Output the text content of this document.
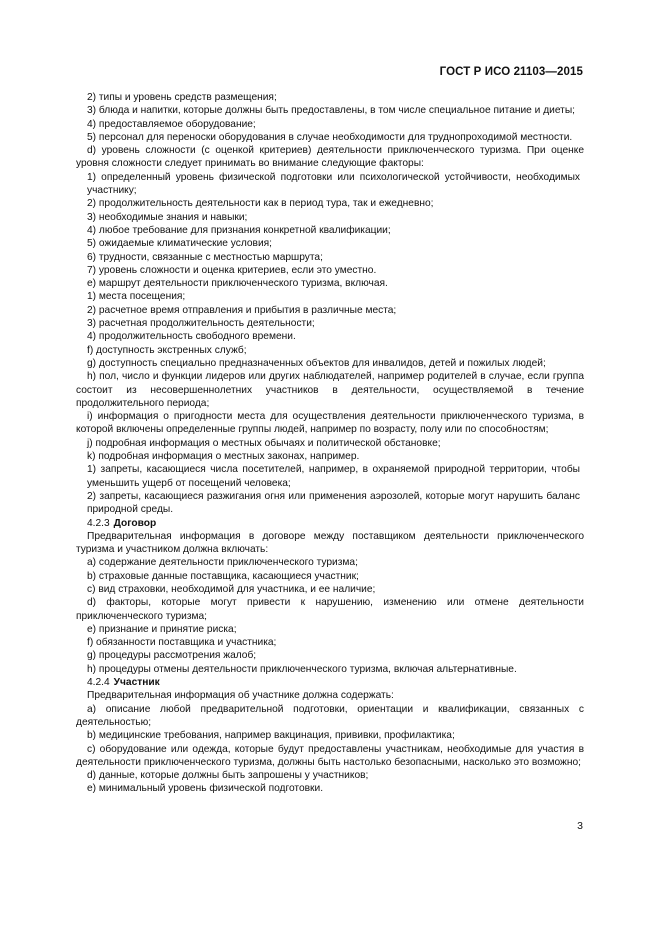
ГОСТ Р ИСО 21103—2015

2) типы и уровень средств размещения;

3) блюда и напитки, которые должны быть предоставлены, в том числе специальное питание и диеты;

4) предоставляемое оборудование;

5) персонал для переноски оборудования в случае необходимости для труднопроходимой местности.

d) уровень сложности (с оценкой критериев) деятельности приключенческого туризма. При оценке уровня сложности следует принимать во внимание следующие факторы:

1) определенный уровень физической подготовки или психологической устойчивости, необходимых участнику;

2) продолжительность деятельности как в период тура, так и ежедневно;

3) необходимые знания и навыки;

4) любое требование для признания конкретной квалификации;

5) ожидаемые климатические условия;

6) трудности, связанные с местностью маршрута;

7) уровень сложности и оценка критериев, если это уместно.

е) маршрут деятельности приключенческого туризма, включая.

1) места посещения;

2) расчетное время отправления и прибытия в различные места;

3) расчетная продолжительность деятельности;

4) продолжительность свободного времени.

f) доступность экстренных служб;

g) доступность специально предназначенных объектов для инвалидов, детей и пожилых людей;

h) пол, число и функции лидеров или других наблюдателей, например родителей в случае, если группа состоит из несовершеннолетних участников в деятельности, осуществляемой в течение продолжительного периода;

i) информация о пригодности места для осуществления деятельности приключенческого туризма, в которой включены определенные группы людей, например по возрасту, полу или по способностям;

j) подробная информация о местных обычаях и политической обстановке;

k) подробная информация о местных законах, например.

1) запреты, касающиеся числа посетителей, например, в охраняемой природной территории, чтобы уменьшить ущерб от посещений человека;

2) запреты, касающиеся разжигания огня или применения аэрозолей, которые могут нарушить баланс природной среды.

4.2.3 Договор

Предварительная информация в договоре между поставщиком деятельности приключенческого туризма и участником должна включать:

a) содержание деятельности приключенческого туризма;

b) страховые данные поставщика, касающиеся участник;

c) вид страховки, необходимой для участника, и ее наличие;

d) факторы, которые могут привести к нарушению, изменению или отмене деятельности приключенческого туризма;

e) признание и принятие риска;

f) обязанности поставщика и участника;

g) процедуры рассмотрения жалоб;

h) процедуры отмены деятельности приключенческого туризма, включая альтернативные.

4.2.4 Участник

Предварительная информация об участнике должна содержать:

a) описание любой предварительной подготовки, ориентации и квалификации, связанных с деятельностью;

b) медицинские требования, например вакцинация, прививки, профилактика;

c) оборудование или одежда, которые будут предоставлены участникам, необходимые для участия в деятельности приключенческого туризма, должны быть настолько безопасными, насколько это возможно;

d) данные, которые должны быть запрошены у участников;

e) минимальный уровень физической подготовки.

3
